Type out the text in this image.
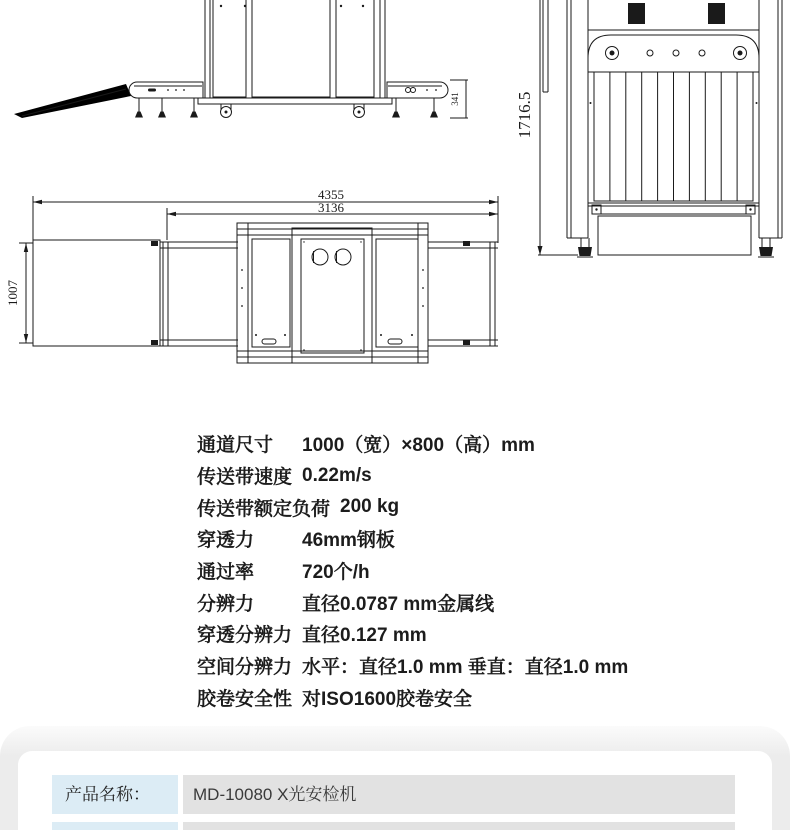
341	1716.5
4355
3136
1007
通道尺寸	1000（宽）×800（高）mm
传送带速度 0.22m/s
传送带额定负荷 200 kg
穿透力	46mm钢板
通过率	720个/h
分辨力	直径0.0787 mm金属线
穿透分辨力 直径0.127 mm
空间分辨力 水平：直径1.0 mm 垂直：直径1.0 mm
胶卷安全性 对ISO1600胶卷安全
产品名称：	MD-10080 X光安检机
